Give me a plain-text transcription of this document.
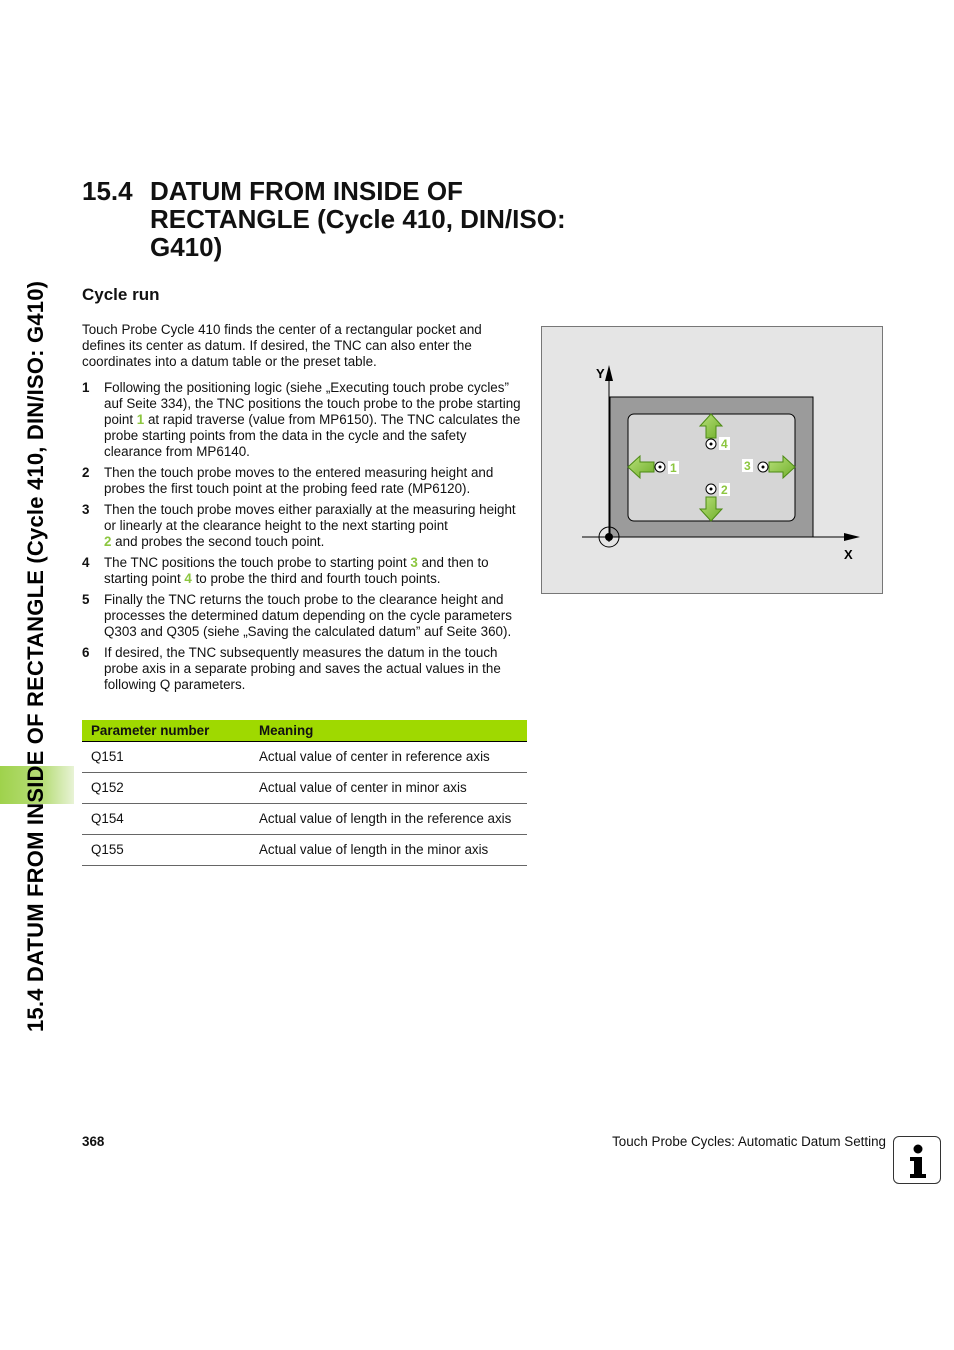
15.4 DATUM FROM INSIDE OF RECTANGLE (Cycle 410, DIN/ISO: G410)
15.4 DATUM FROM INSIDE OF RECTANGLE (Cycle 410, DIN/ISO: G410)
Cycle run

Touch Probe Cycle 410 finds the center of a rectangular pocket and defines its center as datum. If desired, the TNC can also enter the coordinates into a datum table or the preset table.

1 Following the positioning logic (siehe „Executing touch probe cycles” auf Seite 334), the TNC positions the touch probe to the probe starting point 1 at rapid traverse (value from MP6150). The TNC calculates the probe starting points from the data in the cycle and the safety clearance from MP6140.
2 Then the touch probe moves to the entered measuring height and probes the first touch point at the probing feed rate (MP6120).
3 Then the touch probe moves either paraxially at the measuring height or linearly at the clearance height to the next starting point
2 and probes the second touch point.
4 The TNC positions the touch probe to starting point 3 and then to starting point 4 to probe the third and fourth touch points.
5 Finally the TNC returns the touch probe to the clearance height and processes the determined datum depending on the cycle parameters Q303 and Q305 (siehe „Saving the calculated datum” auf Seite 360).
6 If desired, the TNC subsequently measures the datum in the touch probe axis in a separate probing and saves the actual values in the following Q parameters.
Parameter number	Meaning
Q151	Actual value of center in reference axis
Q152	Actual value of center in minor axis
Q154	Actual value of length in the reference axis
Q155	Actual value of length in the minor axis
Y
X
1	3
4
2
368	Touch Probe Cycles: Automatic Datum Setting
